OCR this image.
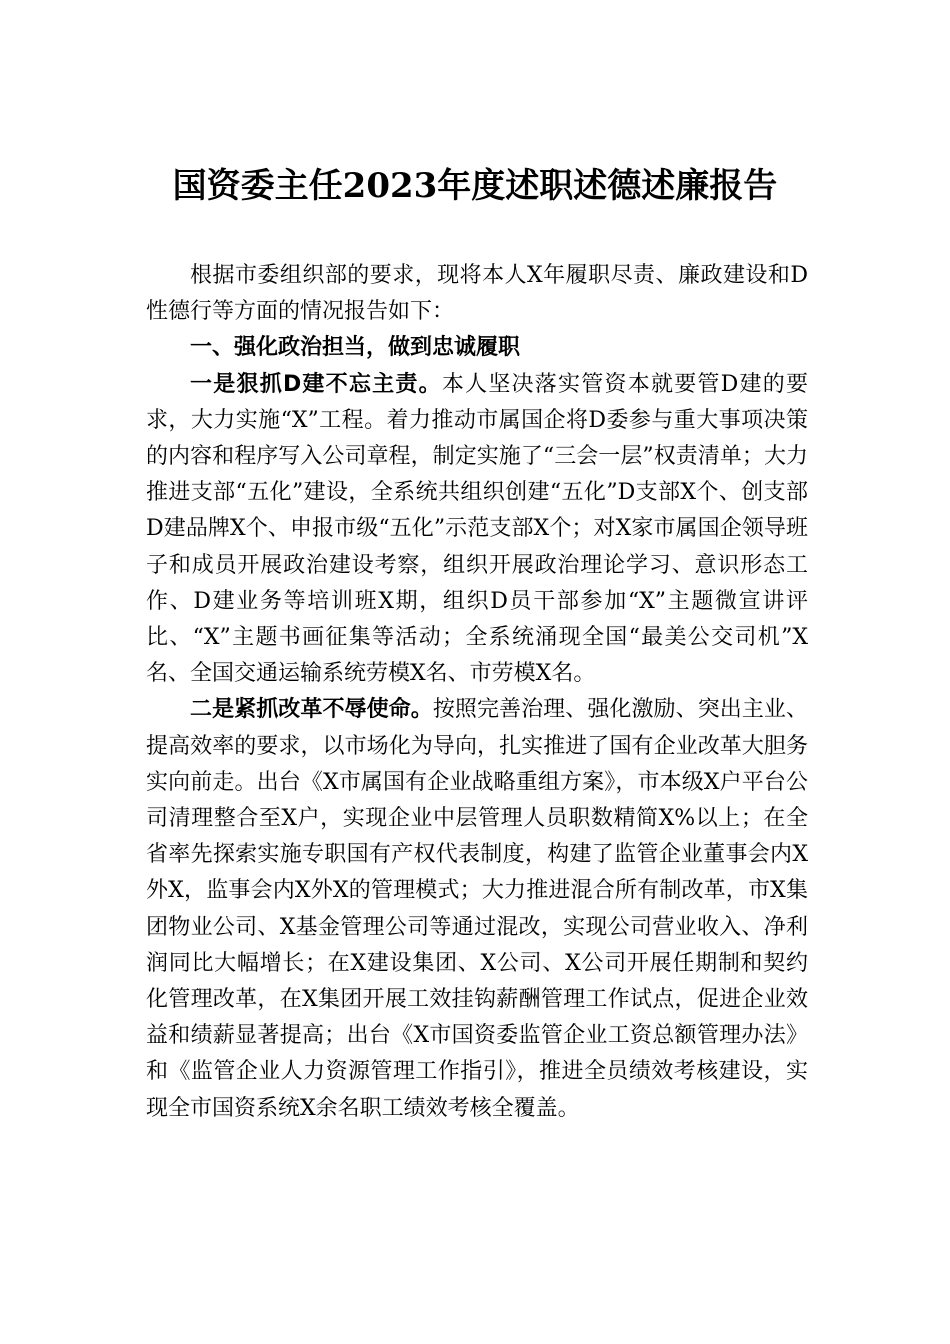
国资委主任2023年度述职述德述廉报告

根据市委组织部的要求，现将本人X年履职尽责、廉政建设和D性德行等方面的情况报告如下：

一、强化政治担当，做到忠诚履职

一是狠抓D建不忘主责。本人坚决落实管资本就要管D建的要求，大力实施“X”工程。着力推动市属国企将D委参与重大事项决策的内容和程序写入公司章程，制定实施了“三会一层”权责清单；大力推进支部“五化”建设，全系统共组织创建“五化”D支部X个、创支部D建品牌X个、申报市级“五化”示范支部X个；对X家市属国企领导班子和成员开展政治建设考察，组织开展政治理论学习、意识形态工作、D建业务等培训班X期，组织D员干部参加“X”主题微宣讲评比、“X”主题书画征集等活动；全系统涌现全国“最美公交司机”X名、全国交通运输系统劳模X名、市劳模X名。

二是紧抓改革不辱使命。按照完善治理、强化激励、突出主业、提高效率的要求，以市场化为导向，扎实推进了国有企业改革大胆务实向前走。出台《X市属国有企业战略重组方案》，市本级X户平台公司清理整合至X户，实现企业中层管理人员职数精简X%以上；在全省率先探索实施专职国有产权代表制度，构建了监管企业董事会内X外X，监事会内X外X的管理模式；大力推进混合所有制改革，市X集团物业公司、X基金管理公司等通过混改，实现公司营业收入、净利润同比大幅增长；在X建设集团、X公司、X公司开展任期制和契约化管理改革，在X集团开展工效挂钩薪酬管理工作试点，促进企业效益和绩薪显著提高；出台《X市国资委监管企业工资总额管理办法》和《监管企业人力资源管理工作指引》，推进全员绩效考核建设，实现全市国资系统X余名职工绩效考核全覆盖。
